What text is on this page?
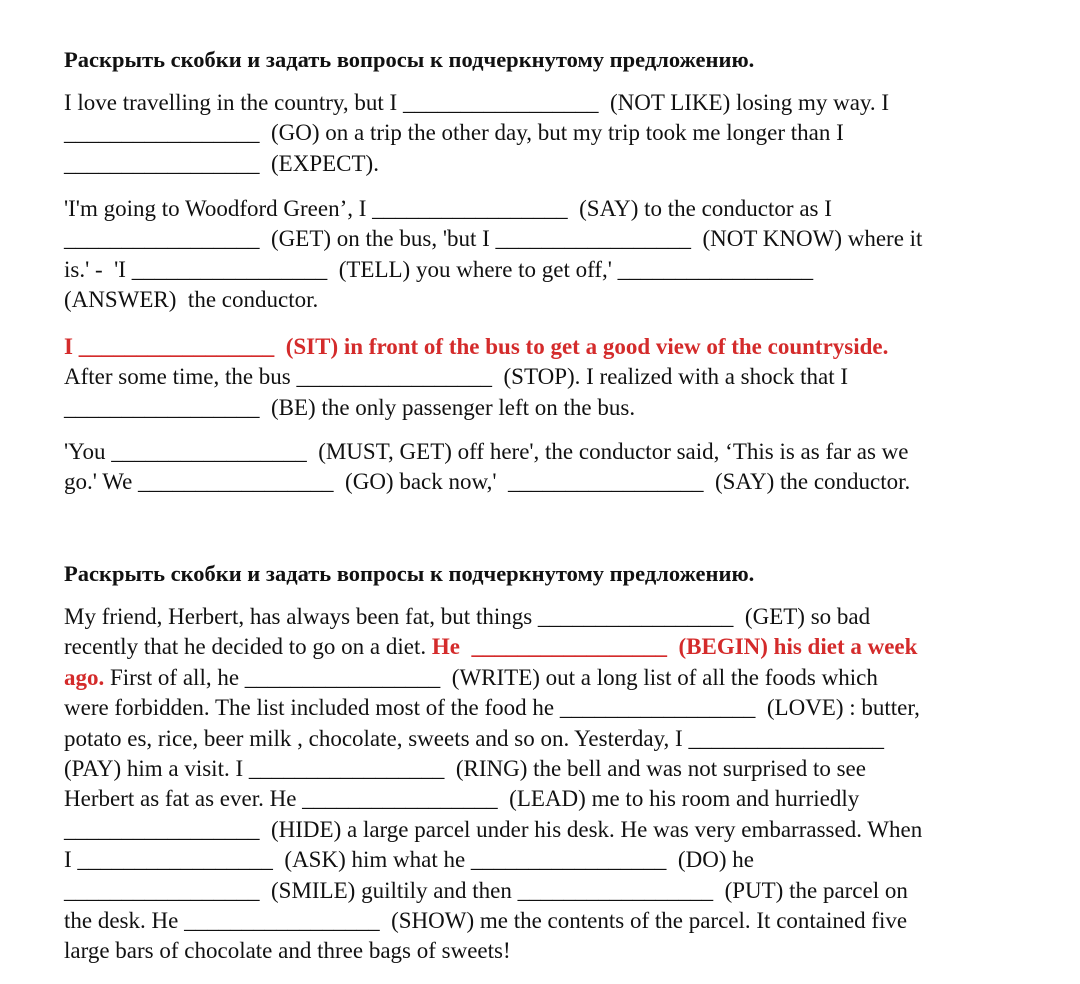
Раскрыть скобки и задать вопросы к подчеркнутому предложению.
I love travelling in the country, but I _________________  (NOT LIKE) losing my way. I
_________________  (GO) on a trip the other day, but my trip took me longer than I
_________________  (EXPECT).
'I'm going to Woodford Green’, I _________________  (SAY) to the conductor as I
_________________  (GET) on the bus, 'but I _________________  (NOT KNOW) where it
is.' -  'I _________________  (TELL) you where to get off,' _________________
(ANSWER)  the conductor.
I _________________  (SIT) in front of the bus to get a good view of the countryside.
After some time, the bus _________________  (STOP). I realized with a shock that I
_________________  (BE) the only passenger left on the bus.
'You _________________  (MUST, GET) off here', the conductor said, ‘This is as far as we
go.' We _________________  (GO) back now,'  _________________  (SAY) the conductor.
Раскрыть скобки и задать вопросы к подчеркнутому предложению.
My friend, Herbert, has always been fat, but things _________________  (GET) so bad
recently that he decided to go on a diet. He  _________________  (BEGIN) his diet a week
ago. First of all, he _________________  (WRITE) out a long list of all the foods which
were forbidden. The list included most of the food he _________________  (LOVE) : butter,
potato es, rice, beer milk , chocolate, sweets and so on. Yesterday, I _________________
(PAY) him a visit. I _________________  (RING) the bell and was not surprised to see
Herbert as fat as ever. He _________________  (LEAD) me to his room and hurriedly
_________________  (HIDE) a large parcel under his desk. He was very embarrassed. When
I _________________  (ASK) him what he _________________  (DO) he
_________________  (SMILE) guiltily and then _________________  (PUT) the parcel on
the desk. He _________________  (SHOW) me the contents of the parcel. It contained five
large bars of chocolate and three bags of sweets!
